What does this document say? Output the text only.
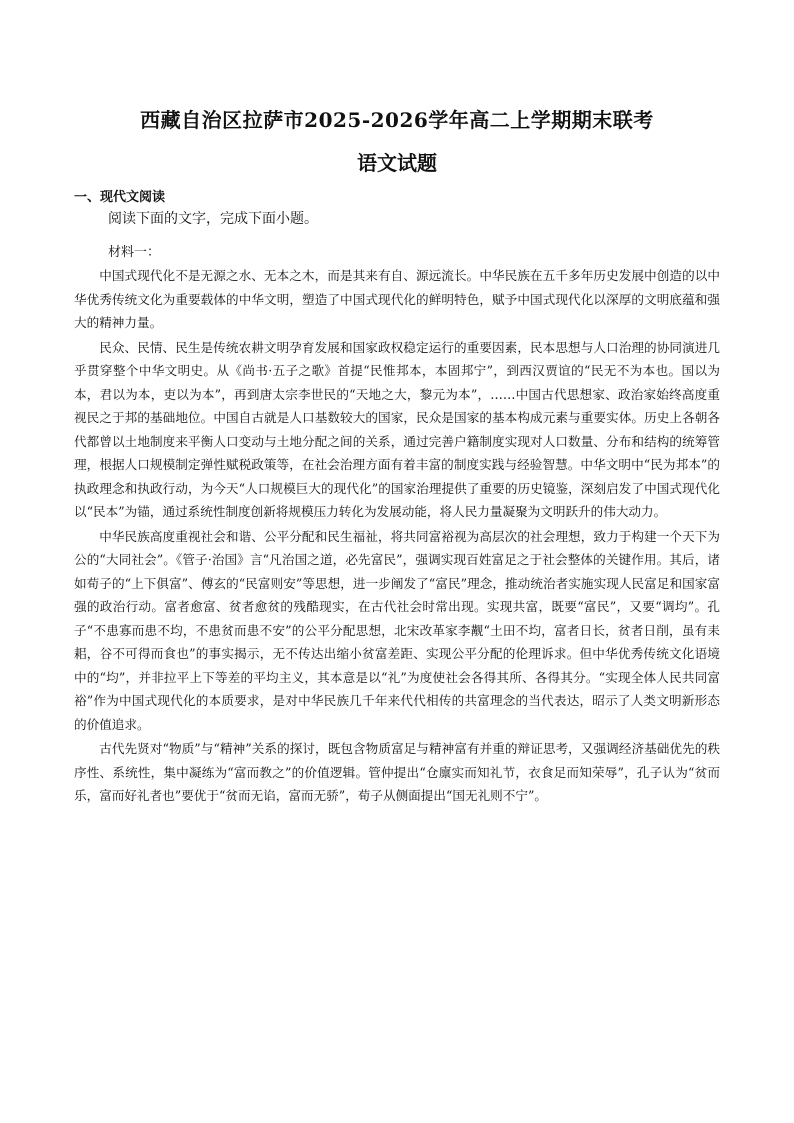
西藏自治区拉萨市2025-2026学年高二上学期期末联考
语文试题
一、现代文阅读
阅读下面的文字，完成下面小题。
材料一：

中国式现代化不是无源之水、无本之木，而是其来有自、源远流长。中华民族在五千多年历史发展中创造的以中华优秀传统文化为重要载体的中华文明，塑造了中国式现代化的鲜明特色，赋予中国式现代化以深厚的文明底蕴和强大的精神力量。

民众、民情、民生是传统农耕文明孕育发展和国家政权稳定运行的重要因素，民本思想与人口治理的协同演进几乎贯穿整个中华文明史。从《尚书·五子之歌》首提“民惟邦本，本固邦宁”，到西汉贾谊的“民无不为本也。国以为本，君以为本，吏以为本”，再到唐太宗李世民的“天地之大，黎元为本”，……中国古代思想家、政治家始终高度重视民之于邦的基础地位。中国自古就是人口基数较大的国家，民众是国家的基本构成元素与重要实体。历史上各朝各代都曾以土地制度来平衡人口变动与土地分配之间的关系，通过完善户籍制度实现对人口数量、分布和结构的统筹管理，根据人口规模制定弹性赋税政策等，在社会治理方面有着丰富的制度实践与经验智慧。中华文明中“民为邦本”的执政理念和执政行动，为今天“人口规模巨大的现代化”的国家治理提供了重要的历史镜鉴，深刻启发了中国式现代化以“民本”为锚，通过系统性制度创新将规模压力转化为发展动能，将人民力量凝聚为文明跃升的伟大动力。

中华民族高度重视社会和谐、公平分配和民生福祉，将共同富裕视为高层次的社会理想，致力于构建一个天下为公的“大同社会”。《管子·治国》言“凡治国之道，必先富民”，强调实现百姓富足之于社会整体的关键作用。其后，诸如荀子的“上下俱富”、傅玄的“民富则安”等思想，进一步阐发了“富民”理念，推动统治者实施实现人民富足和国家富强的政治行动。富者愈富、贫者愈贫的残酷现实，在古代社会时常出现。实现共富，既要“富民”，又要“调均”。孔子“不患寡而患不均，不患贫而患不安”的公平分配思想，北宋改革家李觏“土田不均，富者日长，贫者日削，虽有耒耜，谷不可得而食也”的事实揭示，无不传达出缩小贫富差距、实现公平分配的伦理诉求。但中华优秀传统文化语境中的“均”，并非拉平上下等差的平均主义，其本意是以“礼”为度使社会各得其所、各得其分。“实现全体人民共同富裕”作为中国式现代化的本质要求，是对中华民族几千年来代代相传的共富理念的当代表达，昭示了人类文明新形态的价值追求。

古代先贤对“物质”与“精神”关系的探讨，既包含物质富足与精神富有并重的辩证思考，又强调经济基础优先的秩序性、系统性，集中凝练为“富而教之”的价值逻辑。管仲提出“仓廪实而知礼节，衣食足而知荣辱”，孔子认为“贫而乐，富而好礼者也”要优于“贫而无谄，富而无骄”，荀子从侧面提出“国无礼则不宁”。
